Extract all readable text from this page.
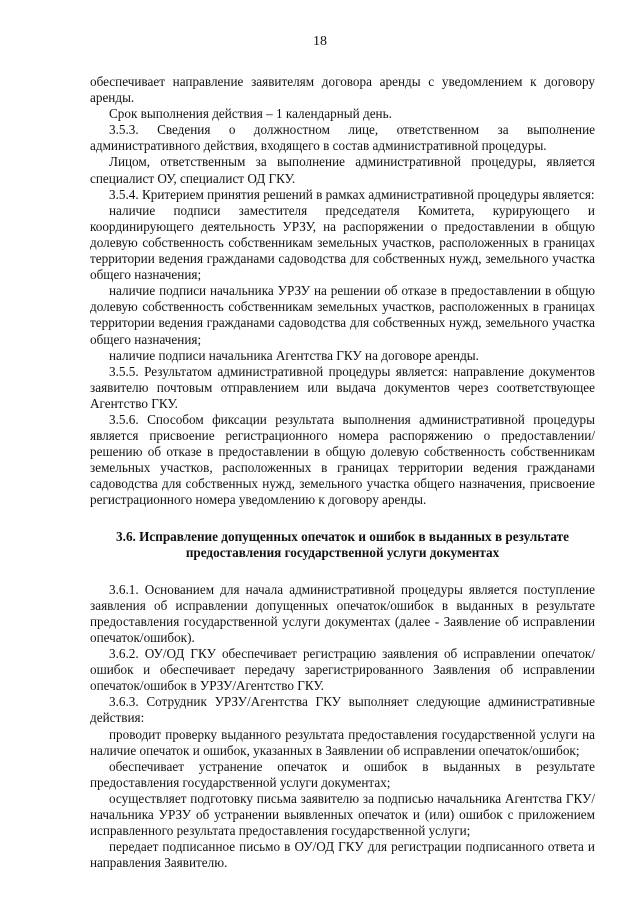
18

обеспечивает направление заявителям договора аренды с уведомлением к договору аренды.

Срок выполнения действия – 1 календарный день.

3.5.3. Сведения о должностном лице, ответственном за выполнение административного действия, входящего в состав административной процедуры.

Лицом, ответственным за выполнение административной процедуры, является специалист ОУ, специалист ОД ГКУ.

3.5.4. Критерием принятия решений в рамках административной процедуры является:

наличие подписи заместителя председателя Комитета, курирующего и координирующего деятельность УРЗУ, на распоряжении о предоставлении в общую долевую собственность собственникам земельных участков, расположенных в границах территории ведения гражданами садоводства для собственных нужд, земельного участка общего назначения;

наличие подписи начальника УРЗУ на решении об отказе в предоставлении в общую долевую собственность собственникам земельных участков, расположенных в границах территории ведения гражданами садоводства для собственных нужд, земельного участка общего назначения;

наличие подписи начальника Агентства ГКУ на договоре аренды.

3.5.5. Результатом административной процедуры является: направление документов заявителю почтовым отправлением или выдача документов через соответствующее Агентство ГКУ.

3.5.6. Способом фиксации результата выполнения административной процедуры является присвоение регистрационного номера распоряжению о предоставлении/ решению об отказе в предоставлении в общую долевую собственность собственникам земельных участков, расположенных в границах территории ведения гражданами садоводства для собственных нужд, земельного участка общего назначения, присвоение регистрационного номера уведомлению к договору аренды.

3.6. Исправление допущенных опечаток и ошибок в выданных в результате предоставления государственной услуги документах

3.6.1. Основанием для начала административной процедуры является поступление заявления об исправлении допущенных опечаток/ошибок в выданных в результате предоставления государственной услуги документах (далее - Заявление об исправлении опечаток/ошибок).

3.6.2. ОУ/ОД ГКУ обеспечивает регистрацию заявления об исправлении опечаток/ошибок и обеспечивает передачу зарегистрированного Заявления об исправлении опечаток/ошибок в УРЗУ/Агентство ГКУ.

3.6.3. Сотрудник УРЗУ/Агентства ГКУ выполняет следующие административные действия:

проводит проверку выданного результата предоставления государственной услуги на наличие опечаток и ошибок, указанных в Заявлении об исправлении опечаток/ошибок;

обеспечивает устранение опечаток и ошибок в выданных в результате предоставления государственной услуги документах;

осуществляет подготовку письма заявителю за подписью начальника Агентства ГКУ/начальника УРЗУ об устранении выявленных опечаток и (или) ошибок с приложением исправленного результата предоставления государственной услуги;

передает подписанное письмо в ОУ/ОД ГКУ для регистрации подписанного ответа и направления Заявителю.
